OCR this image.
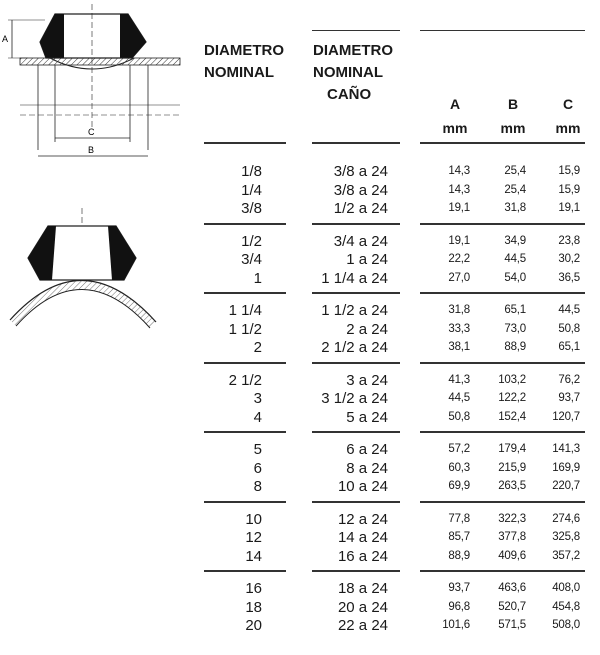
A
C
B
DIAMETRO
NOMINAL
DIAMETRO
NOMINAL
CAÑO
A	B	C
mm	mm	mm
1/8	3/8 a 24	14,3	25,4	15,9
1/4	3/8 a 24	14,3	25,4	15,9
3/8	1/2 a 24	19,1	31,8	19,1
1/2	3/4 a 24	19,1	34,9	23,8
3/4	1 a 24	22,2	44,5	30,2
1	1 1/4 a 24	27,0	54,0	36,5
1 1/4	1 1/2 a 24	31,8	65,1	44,5
1 1/2	2 a 24	33,3	73,0	50,8
2	2 1/2 a 24	38,1	88,9	65,1
2 1/2	3 a 24	41,3	103,2	76,2
3	3 1/2 a 24	44,5	122,2	93,7
4	5 a 24	50,8	152,4	120,7
5	6 a 24	57,2	179,4	141,3
6	8 a 24	60,3	215,9	169,9
8	10 a 24	69,9	263,5	220,7
10	12 a 24	77,8	322,3	274,6
12	14 a 24	85,7	377,8	325,8
14	16 a 24	88,9	409,6	357,2
16	18 a 24	93,7	463,6	408,0
18	20 a 24	96,8	520,7	454,8
20	22 a 24	101,6	571,5	508,0
